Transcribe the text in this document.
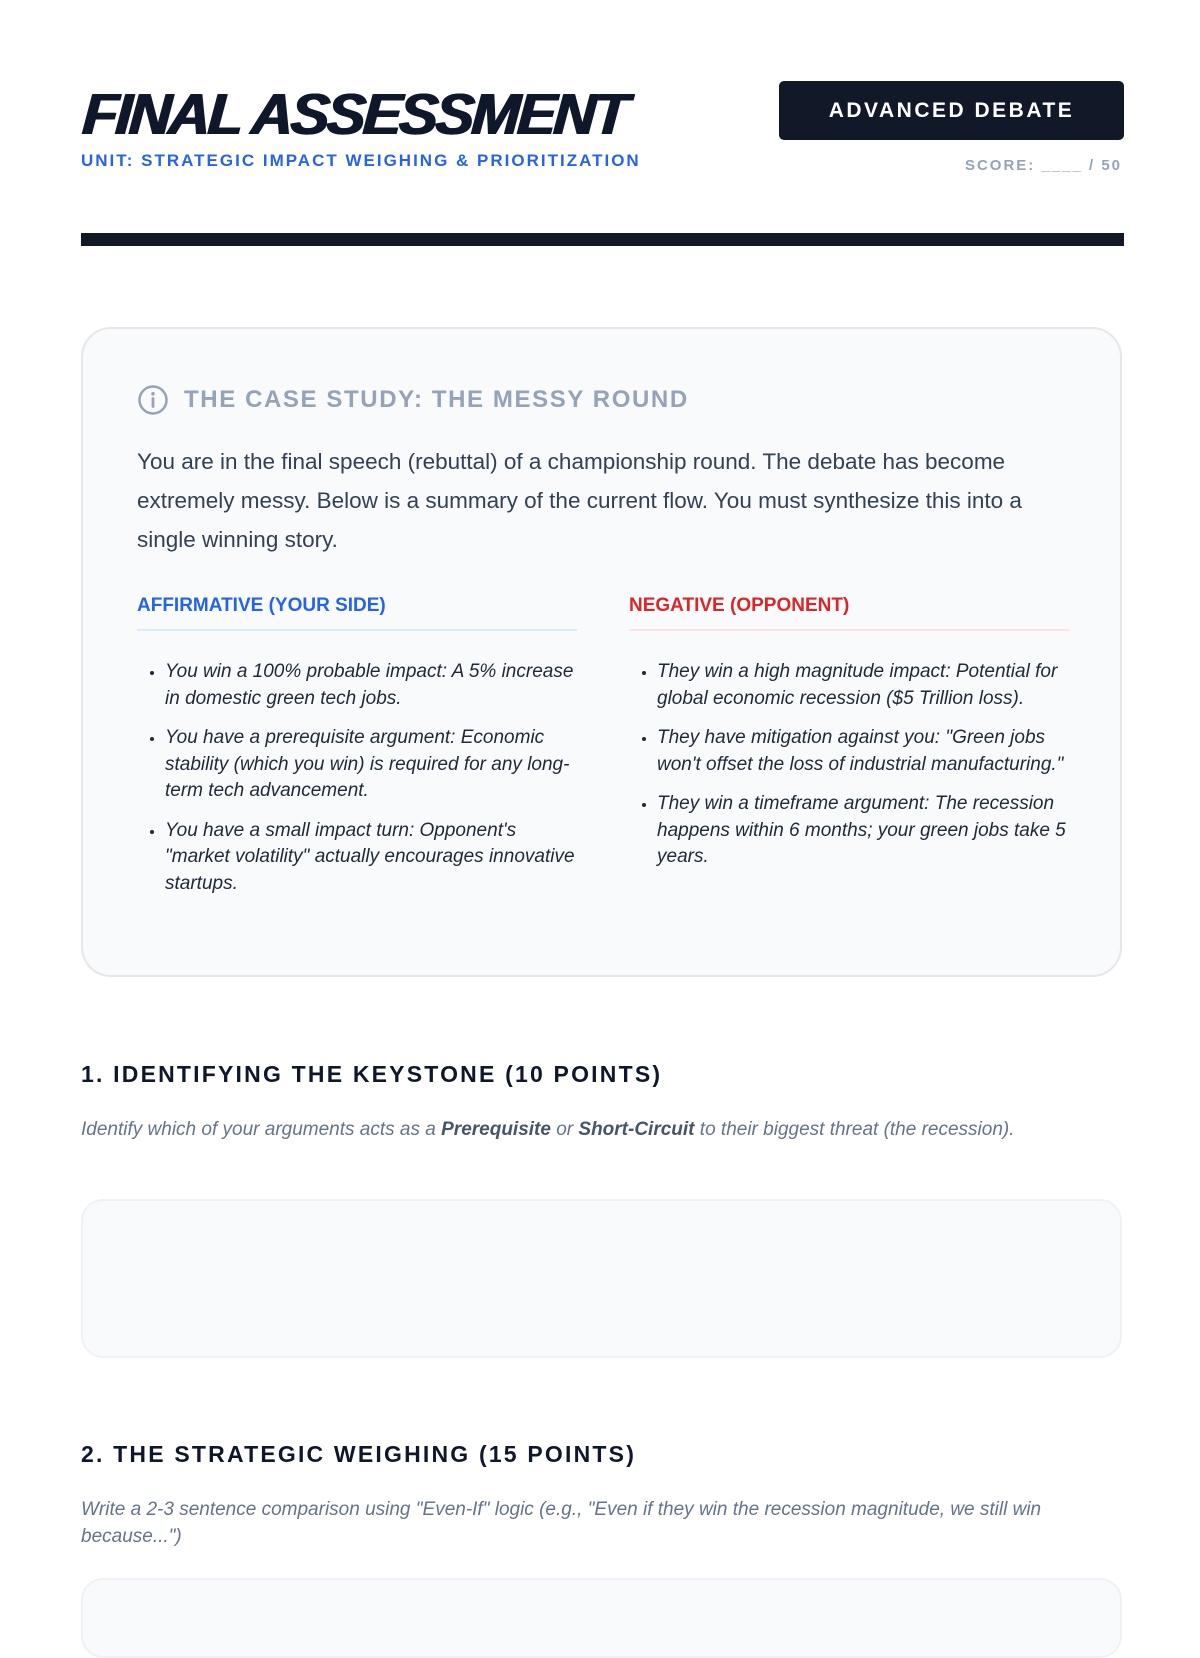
FINAL ASSESSMENT
UNIT: STRATEGIC IMPACT WEIGHING & PRIORITIZATION
ADVANCED DEBATE
SCORE: ____ / 50
THE CASE STUDY: THE MESSY ROUND

You are in the final speech (rebuttal) of a championship round. The debate has become extremely messy. Below is a summary of the current flow. You must synthesize this into a single winning story.

AFFIRMATIVE (YOUR SIDE)
• You win a 100% probable impact: A 5% increase in domestic green tech jobs.
• You have a prerequisite argument: Economic stability (which you win) is required for any long-term tech advancement.
• You have a small impact turn: Opponent's "market volatility" actually encourages innovative startups.
NEGATIVE (OPPONENT)
• They win a high magnitude impact: Potential for global economic recession ($5 Trillion loss).
• They have mitigation against you: "Green jobs won't offset the loss of industrial manufacturing."
• They win a timeframe argument: The recession happens within 6 months; your green jobs take 5 years.
1. IDENTIFYING THE KEYSTONE (10 POINTS)

Identify which of your arguments acts as a Prerequisite or Short-Circuit to their biggest threat (the recession).

2. THE STRATEGIC WEIGHING (15 POINTS)

Write a 2-3 sentence comparison using "Even-If" logic (e.g., "Even if they win the recession magnitude, we still win because...")
